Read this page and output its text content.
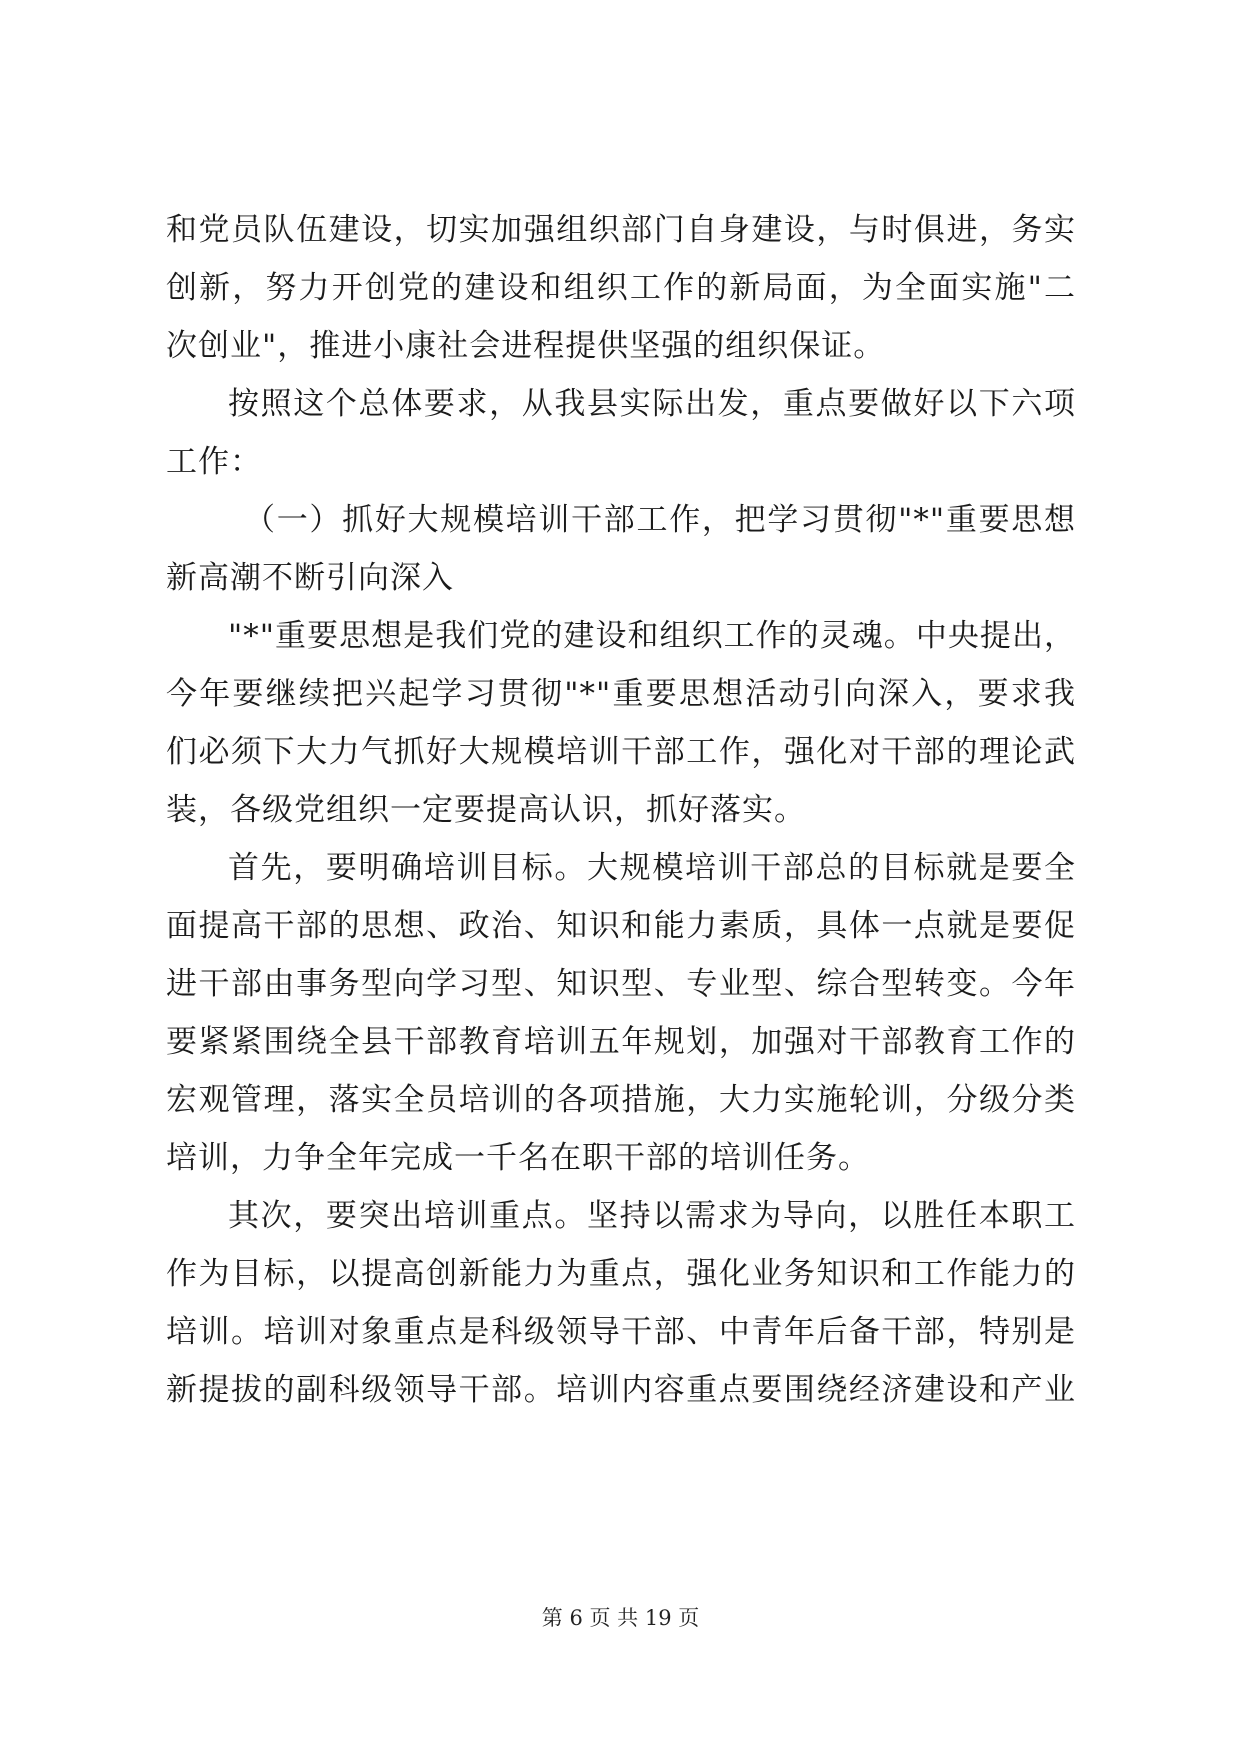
和党员队伍建设，切实加强组织部门自身建设，与时俱进，务实
创新，努力开创党的建设和组织工作的新局面，为全面实施"二
次创业"，推进小康社会进程提供坚强的组织保证。
按照这个总体要求，从我县实际出发，重点要做好以下六项
工作：
（一）抓好大规模培训干部工作，把学习贯彻"*"重要思想
新高潮不断引向深入
"*"重要思想是我们党的建设和组织工作的灵魂。中央提出，
今年要继续把兴起学习贯彻"*"重要思想活动引向深入，要求我
们必须下大力气抓好大规模培训干部工作，强化对干部的理论武
装，各级党组织一定要提高认识，抓好落实。
首先，要明确培训目标。大规模培训干部总的目标就是要全
面提高干部的思想、政治、知识和能力素质，具体一点就是要促
进干部由事务型向学习型、知识型、专业型、综合型转变。今年
要紧紧围绕全县干部教育培训五年规划，加强对干部教育工作的
宏观管理，落实全员培训的各项措施，大力实施轮训，分级分类
培训，力争全年完成一千名在职干部的培训任务。
其次，要突出培训重点。坚持以需求为导向，以胜任本职工
作为目标，以提高创新能力为重点，强化业务知识和工作能力的
培训。培训对象重点是科级领导干部、中青年后备干部，特别是
新提拔的副科级领导干部。培训内容重点要围绕经济建设和产业
第 6 页 共 19 页
